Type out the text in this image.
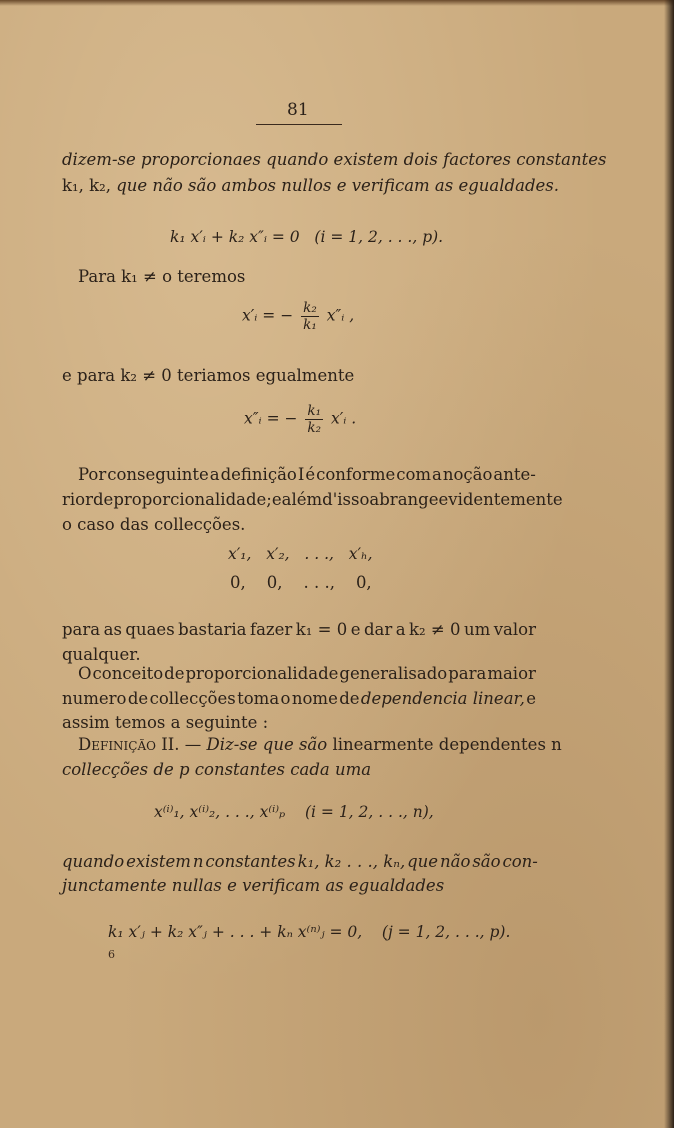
81
dizem-se proporcionaes quando existem dois factores constantes
k₁, k₂, que não são ambos nullos e verificam as egualdades.
k₁ x′ᵢ + k₂ x″ᵢ = 0 (i = 1, 2, . . ., p).
Para k₁ ≠ o teremos
x′ᵢ = − $\frac{\text{k₂}}{\text{k₁}}$ x″ᵢ ,
e para k₂ ≠ 0 teriamos egualmente
x″ᵢ = − $\frac{\text{k₁}}{\text{k₂}}$ x′ᵢ .
Por conseguinte a definição I é conforme com a noção ante-
rior de proporcionalidade; e além d'isso abrange evidentemente
o caso das collecções.
x′₁, x′₂, . . ., x′ₕ,
0, 0, . . ., 0,
para as quaes bastaria fazer k₁ = 0 e dar a k₂ ≠ 0 um valor
qualquer.
O conceito de proporcionalidade generalisado para maior
numero de collecções toma o nome de dependencia linear, e
assim temos a seguinte :
Definição II. — Diz-se que são linearmente dependentes n
collecções de p constantes cada uma
x⁽ⁱ⁾₁, x⁽ⁱ⁾₂, . . ., x⁽ⁱ⁾ₚ (i = 1, 2, . . ., n),
quando existem n constantes k₁, k₂ . . ., kₙ, que não são con-
junctamente nullas e verificam as egualdades
k₁ x′ⱼ + k₂ x″ⱼ + . . . + kₙ x⁽ⁿ⁾ⱼ = 0, (j = 1, 2, . . ., p).
6
